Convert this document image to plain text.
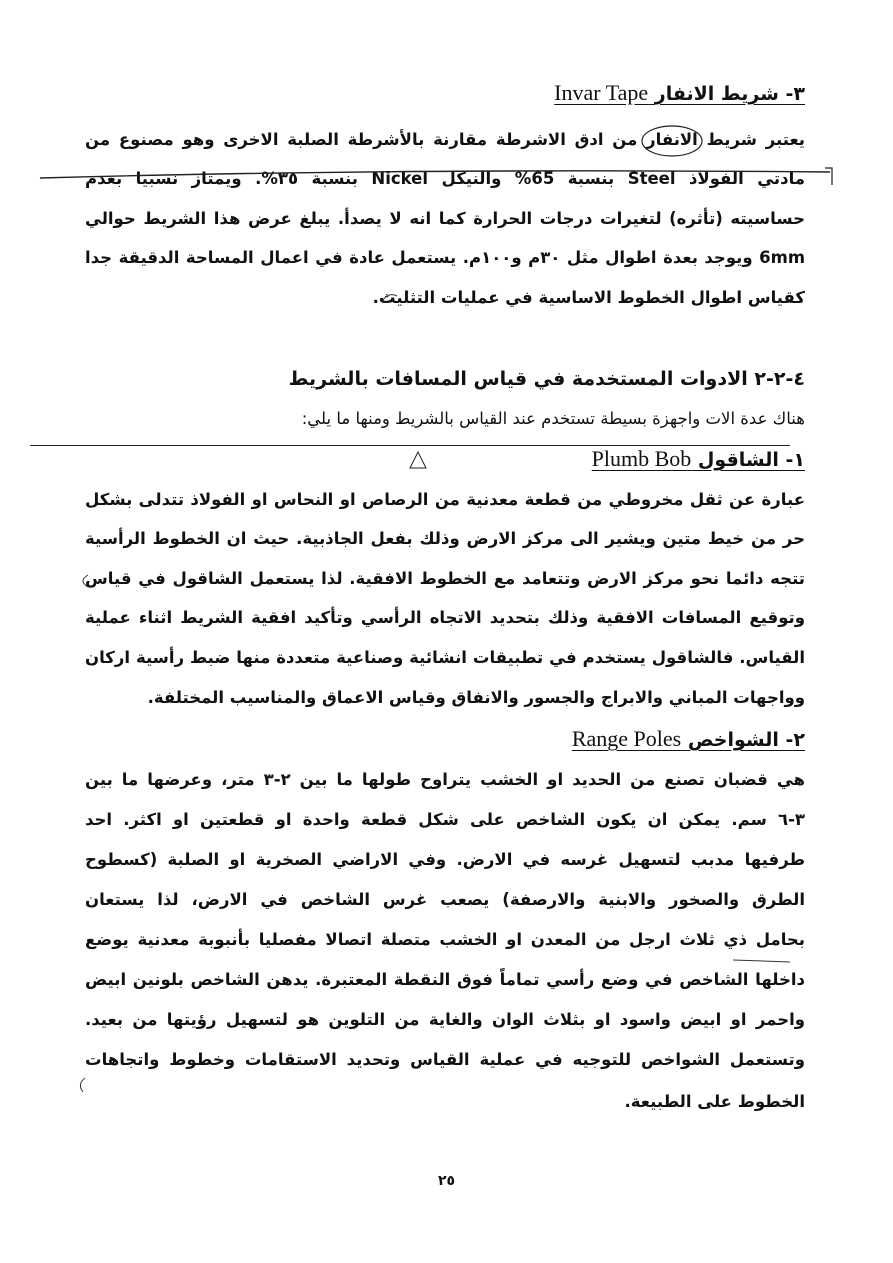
٣- شريط الانفار Invar Tape
يعتبر شريط الانفار من ادق الاشرطة مقارنة بالأشرطة الصلبة الاخرى وهو مصنوع من
مادتي الفولاذ Steel بنسبة 65% والنيكل Nickel بنسبة ٣٥%. ويمتاز نسبيا بعدم
حساسيته (تأثره) لتغيرات درجات الحرارة كما انه لا يصدأ. يبلغ عرض هذا الشريط حوالي
6mm ويوجد بعدة اطوال مثل ٣٠م و١٠٠م. يستعمل عادة في اعمال المساحة الدقيقة جدا
كقياس اطوال الخطوط الاساسية في عمليات التثليث.
٤-٢-٢ الادوات المستخدمة في قياس المسافات بالشريط
هناك عدة الات واجهزة بسيطة تستخدم عند القياس بالشريط ومنها ما يلي:
١- الشاقول Plumb Bob
عبارة عن ثقل مخروطي من قطعة معدنية من الرصاص او النحاس او الفولاذ تتدلى بشكل
حر من خيط متين ويشير الى مركز الارض وذلك بفعل الجاذبية. حيث ان الخطوط الرأسية
تتجه دائما نحو مركز الارض وتتعامد مع الخطوط الافقية. لذا يستعمل الشاقول في قياس
وتوقيع المسافات الافقية وذلك بتحديد الاتجاه الرأسي وتأكيد افقية الشريط اثناء عملية
القياس. فالشاقول يستخدم في تطبيقات انشائية وصناعية متعددة منها ضبط رأسية اركان
وواجهات المباني والابراج والجسور والانفاق وقياس الاعماق والمناسيب المختلفة.
٢- الشواخص Range Poles
هي قضبان تصنع من الحديد او الخشب يتراوح طولها ما بين ٢-٣ متر، وعرضها ما بين
٣-٦ سم. يمكن ان يكون الشاخص على شكل قطعة واحدة او قطعتين او اكثر. احد
طرفيها مدبب لتسهيل غرسه في الارض. وفي الاراضي الصخرية او الصلبة (كسطوح
الطرق والصخور والابنية والارصفة) يصعب غرس الشاخص في الارض، لذا يستعان
بحامل ذي ثلاث ارجل من المعدن او الخشب متصلة اتصالا مفصليا بأنبوبة معدنية يوضع
داخلها الشاخص في وضع رأسي تماماً فوق النقطة المعتبرة. يدهن الشاخص بلونين ابيض
واحمر او ابيض واسود او بثلاث الوان والغاية من التلوين هو لتسهيل رؤيتها من بعيد.
وتستعمل الشواخص للتوجيه في عملية القياس وتحديد الاستقامات وخطوط واتجاهات
الخطوط على الطبيعة.
٢٥
